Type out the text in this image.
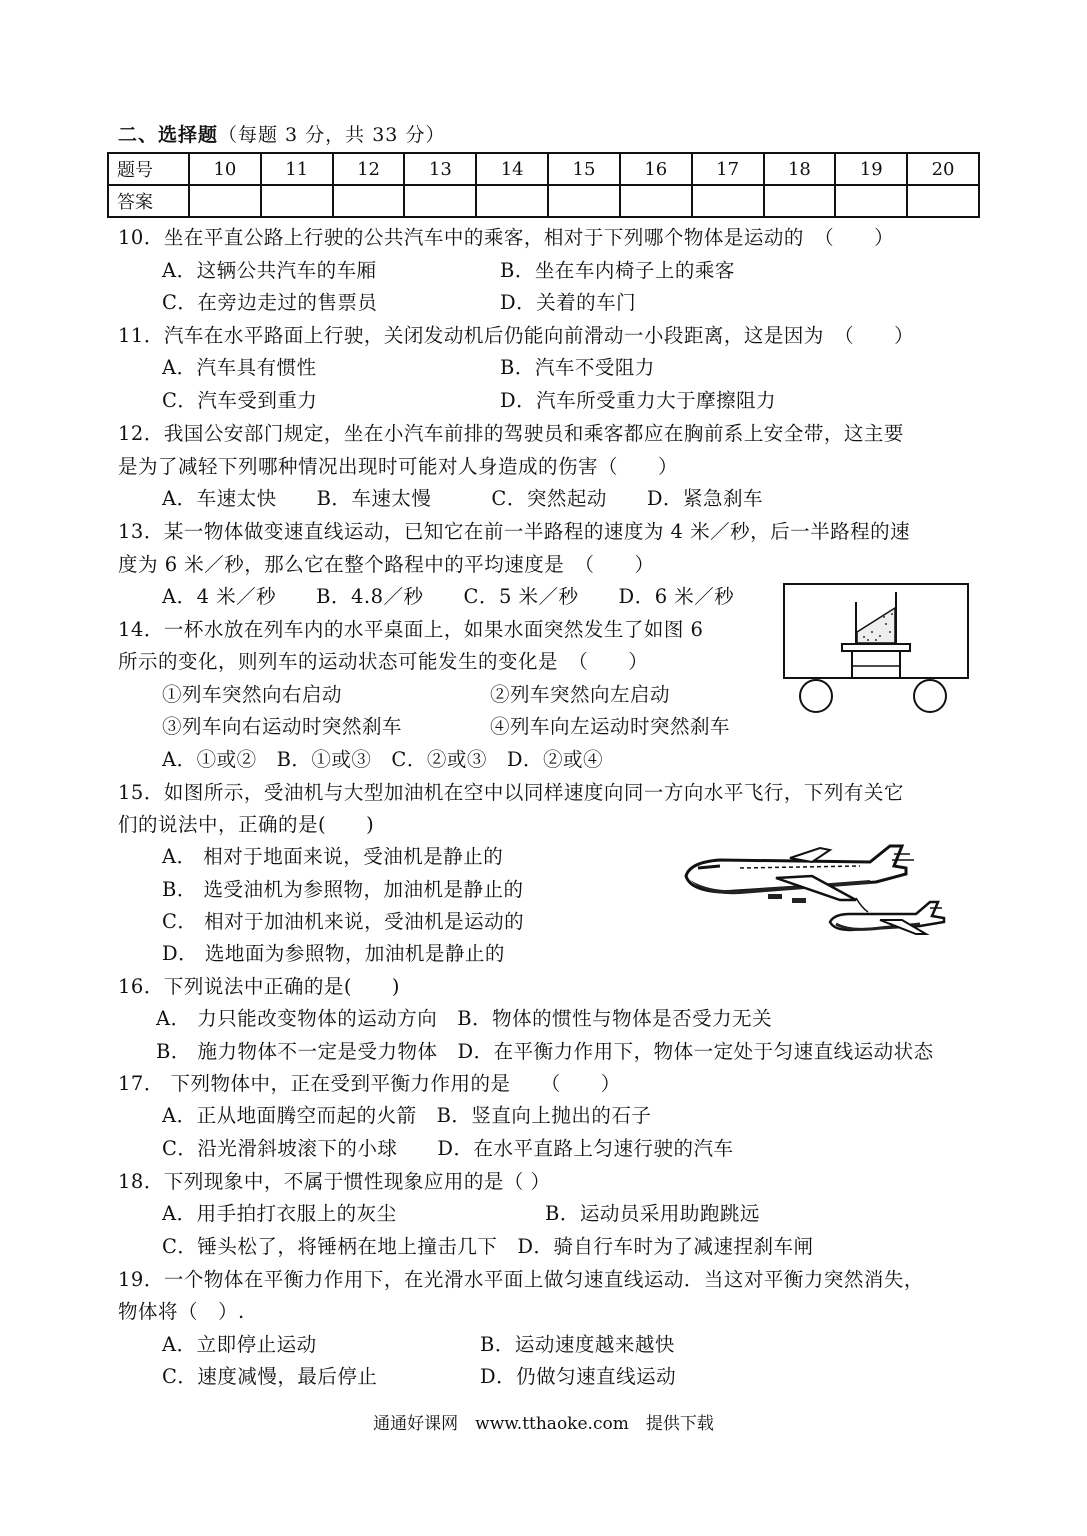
二、选择题（每题 3 分，共 33 分）
题号	10	11	12	13	14	15	16	17	18	19	20
答案											
10．坐在平直公路上行驶的公共汽车中的乘客，相对于下列哪个物体是运动的　（　　）
A．这辆公共汽车的车厢	B．坐在车内椅子上的乘客
C．在旁边走过的售票员	D．关着的车门
11．汽车在水平路面上行驶，关闭发动机后仍能向前滑动一小段距离，这是因为　（　　）
A．汽车具有惯性	B．汽车不受阻力
C．汽车受到重力	D．汽车所受重力大于摩擦阻力
12．我国公安部门规定，坐在小汽车前排的驾驶员和乘客都应在胸前系上安全带，这主要
是为了减轻下列哪种情况出现时可能对人身造成的伤害（　　）
A．车速太快　　B．车速太慢　　　C．突然起动　　D．紧急刹车
13．某一物体做变速直线运动，已知它在前一半路程的速度为 4 米／秒，后一半路程的速
度为 6 米／秒，那么它在整个路程中的平均速度是　（　　）
A．4 米／秒　　B．4.8／秒　　C．5 米／秒　　D．6 米／秒
14．一杯水放在列车内的水平桌面上，如果水面突然发生了如图 6
所示的变化，则列车的运动状态可能发生的变化是　（　　）
①列车突然向右启动	②列车突然向左启动
③列车向右运动时突然刹车	④列车向左运动时突然刹车
A．①或②　B．①或③　C．②或③　D．②或④
15．如图所示，受油机与大型加油机在空中以同样速度向同一方向水平飞行，下列有关它
们的说法中，正确的是(　　)
A． 相对于地面来说，受油机是静止的
B． 选受油机为参照物，加油机是静止的
C． 相对于加油机来说，受油机是运动的
D． 选地面为参照物，加油机是静止的
16．下列说法中正确的是(　　)
A． 力只能改变物体的运动方向　B．物体的惯性与物体是否受力无关
B． 施力物体不一定是受力物体　D．在平衡力作用下，物体一定处于匀速直线运动状态
17． 下列物体中，正在受到平衡力作用的是　　（　　）
A．正从地面腾空而起的火箭　B．竖直向上抛出的石子
C．沿光滑斜坡滚下的小球　　D．在水平直路上匀速行驶的汽车
18．下列现象中，不属于惯性现象应用的是（ ）
A．用手拍打衣服上的灰尘	B．运动员采用助跑跳远
C．锤头松了，将锤柄在地上撞击几下　D．骑自行车时为了减速捏刹车闸
19．一个物体在平衡力作用下，在光滑水平面上做匀速直线运动．当这对平衡力突然消失，
物体将（　）.
A．立即停止运动	B．运动速度越来越快
C．速度减慢，最后停止	D．仍做匀速直线运动
通通好课网　www.tthaoke.com　提供下载
